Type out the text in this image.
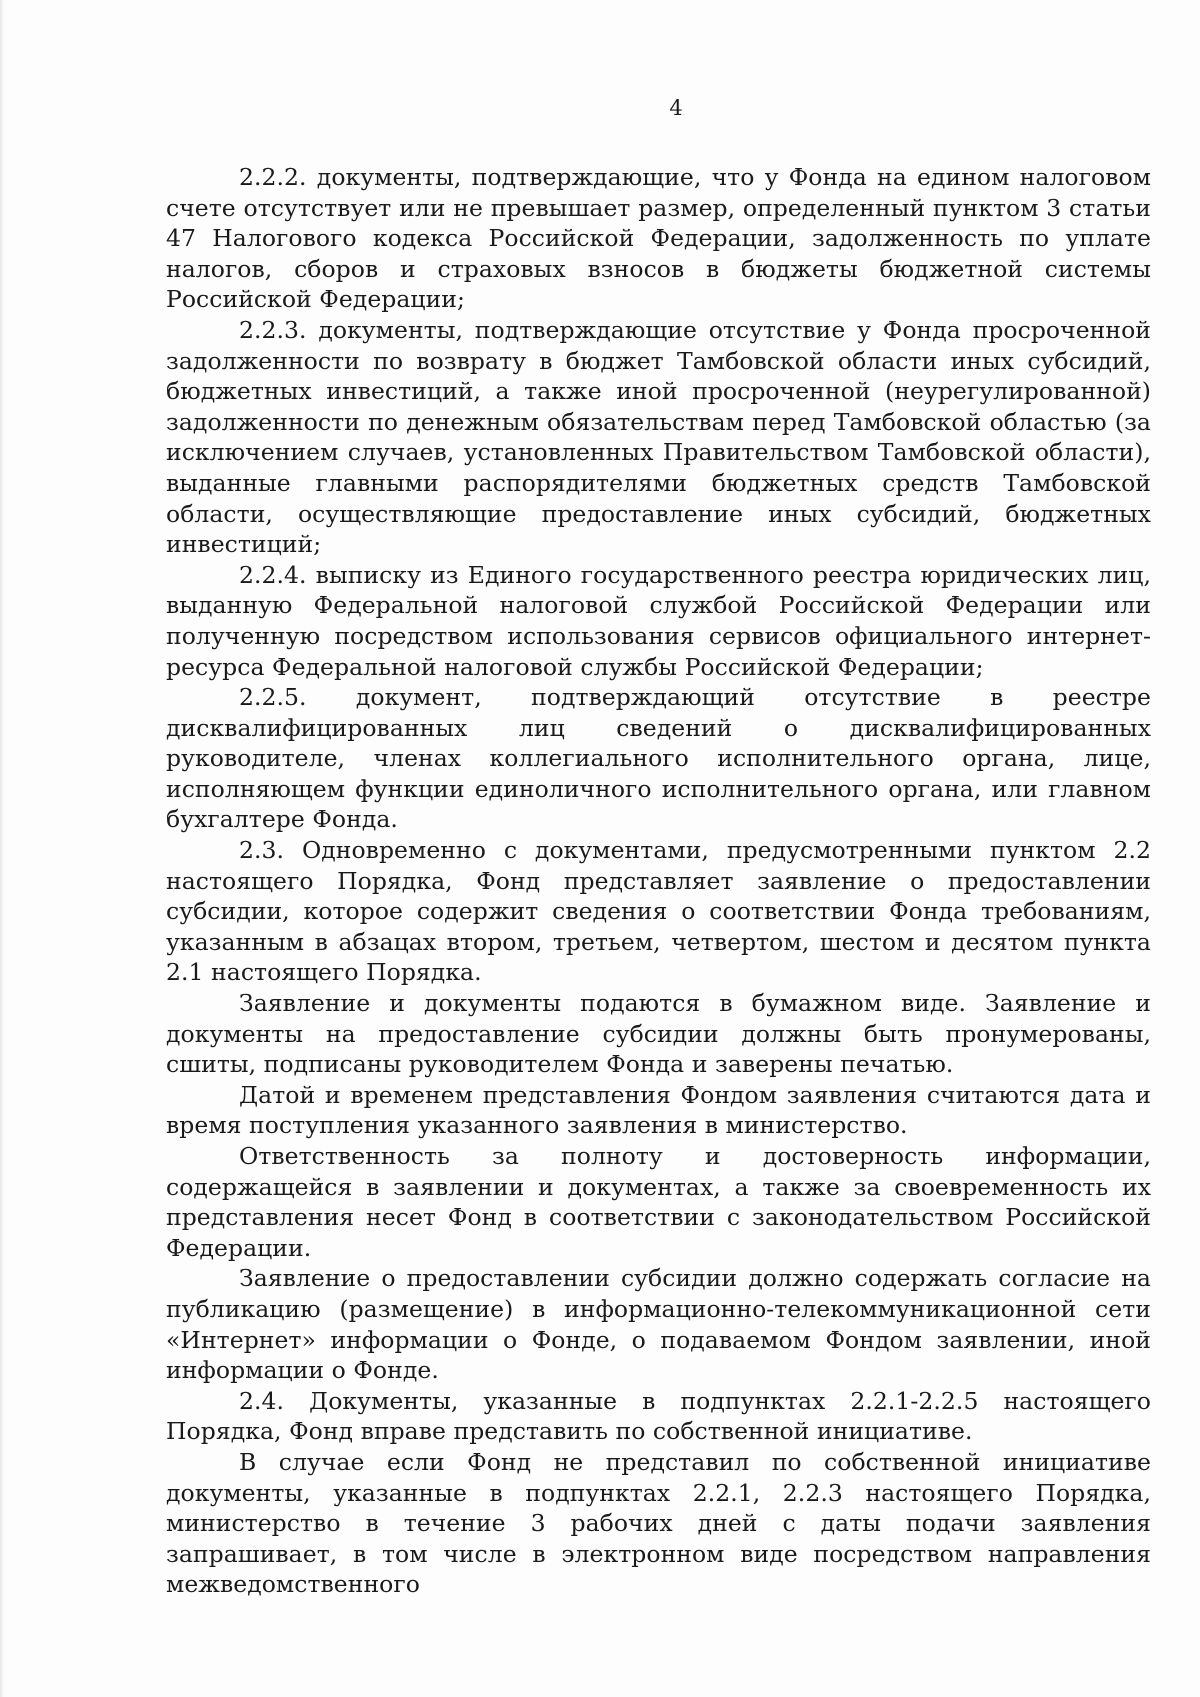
4

2.2.2. документы, подтверждающие, что у Фонда на едином налоговом счете отсутствует или не превышает размер, определенный пунктом 3 статьи 47 Налогового кодекса Российской Федерации, задолженность по уплате налогов, сборов и страховых взносов в бюджеты бюджетной системы Российской Федерации;

2.2.3. документы, подтверждающие отсутствие у Фонда просроченной задолженности по возврату в бюджет Тамбовской области иных субсидий, бюджетных инвестиций, а также иной просроченной (неурегулированной) задолженности по денежным обязательствам перед Тамбовской областью (за исключением случаев, установленных Правительством Тамбовской области), выданные главными распорядителями бюджетных средств Тамбовской области, осуществляющие предоставление иных субсидий, бюджетных инвестиций;

2.2.4. выписку из Единого государственного реестра юридических лиц, выданную Федеральной налоговой службой Российской Федерации или полученную посредством использования сервисов официального интернет-ресурса Федеральной налоговой службы Российской Федерации;

2.2.5. документ, подтверждающий отсутствие в реестре дисквалифицированных лиц сведений о дисквалифицированных руководителе, членах коллегиального исполнительного органа, лице, исполняющем функции единоличного исполнительного органа, или главном бухгалтере Фонда.

2.3. Одновременно с документами, предусмотренными пунктом 2.2 настоящего Порядка, Фонд представляет заявление о предоставлении субсидии, которое содержит сведения о соответствии Фонда требованиям, указанным в абзацах втором, третьем, четвертом, шестом и десятом пункта 2.1 настоящего Порядка.

Заявление и документы подаются в бумажном виде. Заявление и документы на предоставление субсидии должны быть пронумерованы, сшиты, подписаны руководителем Фонда и заверены печатью.

Датой и временем представления Фондом заявления считаются дата и время поступления указанного заявления в министерство.

Ответственность за полноту и достоверность информации, содержащейся в заявлении и документах, а также за своевременность их представления несет Фонд в соответствии с законодательством Российской Федерации.

Заявление о предоставлении субсидии должно содержать согласие на публикацию (размещение) в информационно-телекоммуникационной сети «Интернет» информации о Фонде, о подаваемом Фондом заявлении, иной информации о Фонде.

2.4. Документы, указанные в подпунктах 2.2.1-2.2.5 настоящего Порядка, Фонд вправе представить по собственной инициативе.

В случае если Фонд не представил по собственной инициативе документы, указанные в подпунктах 2.2.1, 2.2.3 настоящего Порядка, министерство в течение 3 рабочих дней с даты подачи заявления запрашивает, в том числе в электронном виде посредством направления межведомственного
